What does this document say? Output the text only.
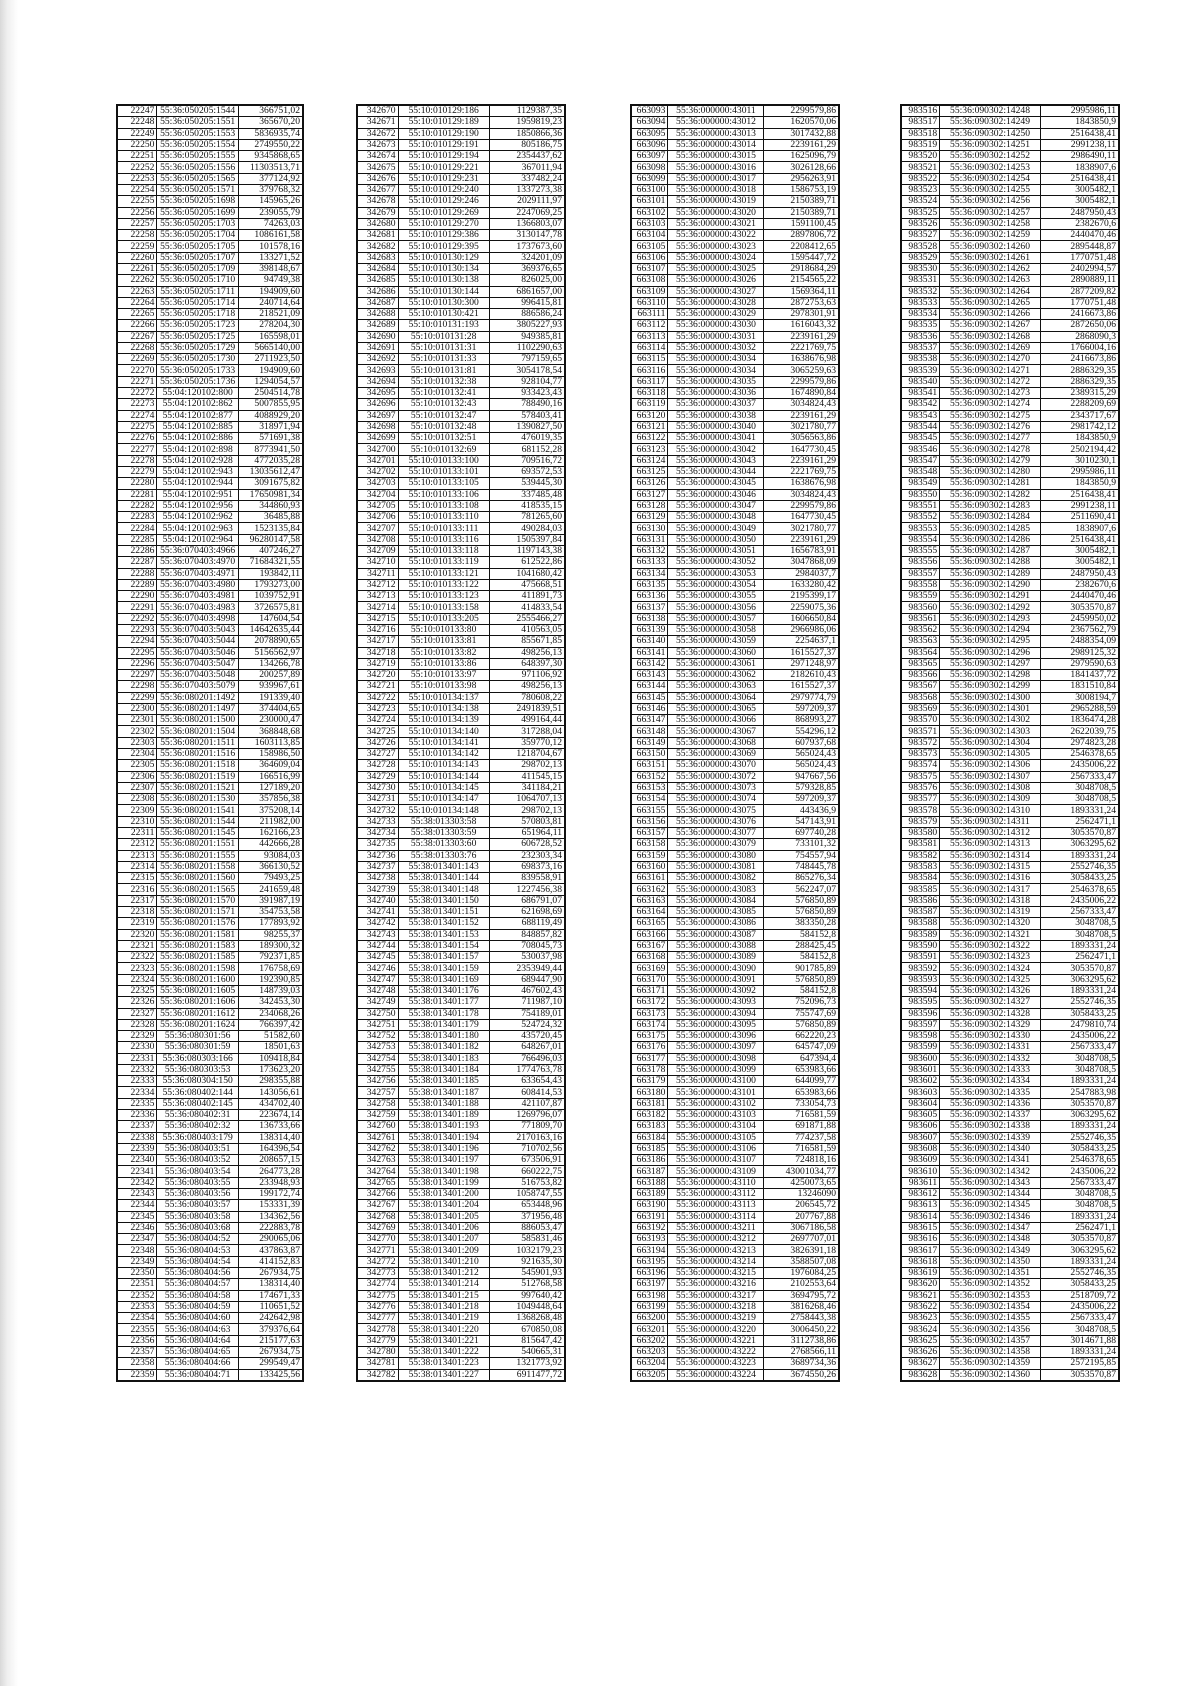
22247	55:36:050205:1544	366751,02
22248	55:36:050205:1551	365670,20
22249	55:36:050205:1553	5836935,74
22250	55:36:050205:1554	2749550,22
22251	55:36:050205:1555	9345868,65
22252	55:36:050205:1556	11303513,71
22253	55:36:050205:1565	377124,92
22254	55:36:050205:1571	379768,32
22255	55:36:050205:1698	145965,26
22256	55:36:050205:1699	239055,79
22257	55:36:050205:1703	74263,03
22258	55:36:050205:1704	1086161,58
22259	55:36:050205:1705	101578,16
22260	55:36:050205:1707	133271,52
22261	55:36:050205:1709	398148,67
22262	55:36:050205:1710	94749,38
22263	55:36:050205:1711	194909,60
22264	55:36:050205:1714	240714,64
22265	55:36:050205:1718	218521,09
22266	55:36:050205:1723	278204,30
22267	55:36:050205:1725	165598,01
22268	55:36:050205:1729	5665140,00
22269	55:36:050205:1730	2711923,50
22270	55:36:050205:1733	194909,60
22271	55:36:050205:1736	1294054,57
22272	55:04:120102:800	2504514,78
22273	55:04:120102:862	5007855,95
22274	55:04:120102:877	4088929,20
22275	55:04:120102:885	318971,94
22276	55:04:120102:886	571691,38
22277	55:04:120102:898	8773941,50
22278	55:04:120102:928	4772035,28
22279	55:04:120102:943	13035612,47
22280	55:04:120102:944	3091675,82
22281	55:04:120102:951	17650981,34
22282	55:04:120102:956	344860,93
22283	55:04:120102:962	36485,88
22284	55:04:120102:963	1523135,84
22285	55:04:120102:964	96280147,58
22286	55:36:070403:4966	407246,27
22287	55:36:070403:4970	71684321,55
22288	55:36:070403:4971	193842,11
22289	55:36:070403:4980	1793273,00
22290	55:36:070403:4981	1039752,91
22291	55:36:070403:4983	3726575,81
22292	55:36:070403:4998	147604,54
22293	55:36:070403:5043	14642635,44
22294	55:36:070403:5044	2078890,65
22295	55:36:070403:5046	5156562,97
22296	55:36:070403:5047	134266,78
22297	55:36:070403:5048	200257,89
22298	55:36:070403:5079	939967,61
22299	55:36:080201:1492	191339,40
22300	55:36:080201:1497	374404,65
22301	55:36:080201:1500	230000,47
22302	55:36:080201:1504	368848,68
22303	55:36:080201:1511	1603113,85
22304	55:36:080201:1516	158986,50
22305	55:36:080201:1518	364609,04
22306	55:36:080201:1519	166516,99
22307	55:36:080201:1521	127189,20
22308	55:36:080201:1530	357856,38
22309	55:36:080201:1541	375208,14
22310	55:36:080201:1544	211982,00
22311	55:36:080201:1545	162166,23
22312	55:36:080201:1551	442666,28
22313	55:36:080201:1555	93084,03
22314	55:36:080201:1558	366130,52
22315	55:36:080201:1560	79493,25
22316	55:36:080201:1565	241659,48
22317	55:36:080201:1570	391987,19
22318	55:36:080201:1571	354753,58
22319	55:36:080201:1576	177893,92
22320	55:36:080201:1581	98255,37
22321	55:36:080201:1583	189300,32
22322	55:36:080201:1585	792371,85
22323	55:36:080201:1598	176758,69
22324	55:36:080201:1600	192390,85
22325	55:36:080201:1605	148739,03
22326	55:36:080201:1606	342453,30
22327	55:36:080201:1612	234068,26
22328	55:36:080201:1624	766397,42
22329	55:36:080301:56	51582,60
22330	55:36:080301:59	18501,63
22331	55:36:080303:166	109418,84
22332	55:36:080303:53	173623,20
22333	55:36:080304:150	298355,88
22334	55:36:080402:144	143056,61
22335	55:36:080402:145	434702,40
22336	55:36:080402:31	223674,14
22337	55:36:080402:32	136733,66
22338	55:36:080403:179	138314,40
22339	55:36:080403:51	164396,54
22340	55:36:080403:52	208657,15
22341	55:36:080403:54	264773,28
22342	55:36:080403:55	233948,93
22343	55:36:080403:56	199172,74
22344	55:36:080403:57	153331,39
22345	55:36:080403:58	134362,56
22346	55:36:080403:68	222883,78
22347	55:36:080404:52	290065,06
22348	55:36:080404:53	437863,87
22349	55:36:080404:54	414152,83
22350	55:36:080404:56	267934,75
22351	55:36:080404:57	138314,40
22352	55:36:080404:58	174671,33
22353	55:36:080404:59	110651,52
22354	55:36:080404:60	242642,98
22355	55:36:080404:63	379376,64
22356	55:36:080404:64	215177,63
22357	55:36:080404:65	267934,75
22358	55:36:080404:66	299549,47
22359	55:36:080404:71	133425,56
342670	55:10:010129:186	1129387,35
342671	55:10:010129:189	1959819,23
342672	55:10:010129:190	1850866,36
342673	55:10:010129:191	805186,75
342674	55:10:010129:194	2354437,62
342675	55:10:010129:221	367011,94
342676	55:10:010129:231	337482,24
342677	55:10:010129:240	1337273,38
342678	55:10:010129:246	2029111,97
342679	55:10:010129:269	2247069,25
342680	55:10:010129:270	1366803,07
342681	55:10:010129:386	3130147,78
342682	55:10:010129:395	1737673,60
342683	55:10:010130:129	324201,09
342684	55:10:010130:134	369376,65
342685	55:10:010130:138	826025,00
342686	55:10:010130:144	6861657,00
342687	55:10:010130:300	996415,81
342688	55:10:010130:421	886586,24
342689	55:10:010131:193	3805227,93
342690	55:10:010131:28	949385,81
342691	55:10:010131:31	1102290,63
342692	55:10:010131:33	797159,65
342693	55:10:010131:81	3054178,54
342694	55:10:010132:38	928104,77
342695	55:10:010132:41	933423,43
342696	55:10:010132:43	788490,16
342697	55:10:010132:47	578403,41
342698	55:10:010132:48	1390827,50
342699	55:10:010132:51	476019,35
342700	55:10:010132:69	681152,28
342701	55:10:010133:100	709516,72
342702	55:10:010133:101	693572,53
342703	55:10:010133:105	539445,30
342704	55:10:010133:106	337485,48
342705	55:10:010133:108	418535,15
342706	55:10:010133:110	781265,60
342707	55:10:010133:111	490284,03
342708	55:10:010133:116	1505397,84
342709	55:10:010133:118	1197143,38
342710	55:10:010133:119	612522,86
342711	55:10:010133:121	1041680,42
342712	55:10:010133:122	475668,51
342713	55:10:010133:123	411891,73
342714	55:10:010133:158	414833,54
342715	55:10:010133:205	2555466,27
342716	55:10:010133:80	410563,05
342717	55:10:010133:81	855671,85
342718	55:10:010133:82	498256,13
342719	55:10:010133:86	648397,30
342720	55:10:010133:97	971106,92
342721	55:10:010133:98	498256,13
342722	55:10:010134:137	780608,22
342723	55:10:010134:138	2491839,51
342724	55:10:010134:139	499164,44
342725	55:10:010134:140	317288,04
342726	55:10:010134:141	359770,12
342727	55:10:010134:142	1218704,67
342728	55:10:010134:143	298702,13
342729	55:10:010134:144	411545,15
342730	55:10:010134:145	341184,21
342731	55:10:010134:147	1064707,13
342732	55:10:010134:148	298702,13
342733	55:38:013303:58	570803,81
342734	55:38:013303:59	651964,11
342735	55:38:013303:60	606728,52
342736	55:38:013303:76	232303,34
342737	55:38:013401:143	698373,16
342738	55:38:013401:144	839558,91
342739	55:38:013401:148	1227456,38
342740	55:38:013401:150	686791,07
342741	55:38:013401:151	621698,69
342742	55:38:013401:152	688119,49
342743	55:38:013401:153	848857,82
342744	55:38:013401:154	708045,73
342745	55:38:013401:157	530037,98
342746	55:38:013401:159	2353949,44
342747	55:38:013401:169	689447,90
342748	55:38:013401:176	467602,43
342749	55:38:013401:177	711987,10
342750	55:38:013401:178	754189,01
342751	55:38:013401:179	524724,32
342752	55:38:013401:180	435720,45
342753	55:38:013401:182	648267,01
342754	55:38:013401:183	766496,03
342755	55:38:013401:184	1774763,78
342756	55:38:013401:185	633654,43
342757	55:38:013401:187	608414,53
342758	55:38:013401:188	421107,87
342759	55:38:013401:189	1269796,07
342760	55:38:013401:193	771809,70
342761	55:38:013401:194	2170163,16
342762	55:38:013401:196	710702,56
342763	55:38:013401:197	673506,91
342764	55:38:013401:198	660222,75
342765	55:38:013401:199	516753,82
342766	55:38:013401:200	1058747,55
342767	55:38:013401:204	653448,96
342768	55:38:013401:205	371956,48
342769	55:38:013401:206	886053,47
342770	55:38:013401:207	585831,46
342771	55:38:013401:209	1032179,23
342772	55:38:013401:210	921635,30
342773	55:38:013401:212	545901,93
342774	55:38:013401:214	512768,58
342775	55:38:013401:215	997640,42
342776	55:38:013401:218	1049448,64
342777	55:38:013401:219	1368268,48
342778	55:38:013401:220	670850,08
342779	55:38:013401:221	815647,42
342780	55:38:013401:222	540665,31
342781	55:38:013401:223	1321773,92
342782	55:38:013401:227	6911477,72
663093	55:36:000000:43011	2299579,86
663094	55:36:000000:43012	1620570,06
663095	55:36:000000:43013	3017432,88
663096	55:36:000000:43014	2239161,29
663097	55:36:000000:43015	1625096,79
663098	55:36:000000:43016	3026128,66
663099	55:36:000000:43017	2956263,91
663100	55:36:000000:43018	1586753,19
663101	55:36:000000:43019	2150389,71
663102	55:36:000000:43020	2150389,71
663103	55:36:000000:43021	1591100,45
663104	55:36:000000:43022	2897806,72
663105	55:36:000000:43023	2208412,65
663106	55:36:000000:43024	1595447,72
663107	55:36:000000:43025	2918684,29
663108	55:36:000000:43026	2154565,22
663109	55:36:000000:43027	1569364,11
663110	55:36:000000:43028	2872753,63
663111	55:36:000000:43029	2978301,91
663112	55:36:000000:43030	1616043,32
663113	55:36:000000:43031	2239161,29
663114	55:36:000000:43032	2221769,75
663115	55:36:000000:43034	1638676,98
663116	55:36:000000:43034	3065259,63
663117	55:36:000000:43035	2299579,86
663118	55:36:000000:43036	1674890,84
663119	55:36:000000:43037	3034824,43
663120	55:36:000000:43038	2239161,29
663121	55:36:000000:43040	3021780,77
663122	55:36:000000:43041	3056563,86
663123	55:36:000000:43042	1647730,45
663124	55:36:000000:43043	2239161,29
663125	55:36:000000:43044	2221769,75
663126	55:36:000000:43045	1638676,98
663127	55:36:000000:43046	3034824,43
663128	55:36:000000:43047	2299579,86
663129	55:36:000000:43048	1647730,45
663130	55:36:000000:43049	3021780,77
663131	55:36:000000:43050	2239161,29
663132	55:36:000000:43051	1656783,91
663133	55:36:000000:43052	3047868,09
663134	55:36:000000:43053	2984037,7
663135	55:36:000000:43054	1633280,42
663136	55:36:000000:43055	2195399,17
663137	55:36:000000:43056	2259075,36
663138	55:36:000000:43057	1606650,84
663139	55:36:000000:43058	2966986,06
663140	55:36:000000:43059	2254637,1
663141	55:36:000000:43060	1615527,37
663142	55:36:000000:43061	2971248,97
663143	55:36:000000:43062	2182610,43
663144	55:36:000000:43063	1615527,37
663145	55:36:000000:43064	2979774,79
663146	55:36:000000:43065	597209,37
663147	55:36:000000:43066	868993,27
663148	55:36:000000:43067	554296,12
663149	55:36:000000:43068	607937,68
663150	55:36:000000:43069	565024,43
663151	55:36:000000:43070	565024,43
663152	55:36:000000:43072	947667,56
663153	55:36:000000:43073	579328,85
663154	55:36:000000:43074	597209,37
663155	55:36:000000:43075	443436,9
663156	55:36:000000:43076	547143,91
663157	55:36:000000:43077	697740,28
663158	55:36:000000:43079	733101,32
663159	55:36:000000:43080	754557,94
663160	55:36:000000:43081	748445,78
663161	55:36:000000:43082	865276,34
663162	55:36:000000:43083	562247,07
663163	55:36:000000:43084	576850,89
663164	55:36:000000:43085	576850,89
663165	55:36:000000:43086	383350,28
663166	55:36:000000:43087	584152,8
663167	55:36:000000:43088	288425,45
663168	55:36:000000:43089	584152,8
663169	55:36:000000:43090	901785,89
663170	55:36:000000:43091	576850,89
663171	55:36:000000:43092	584152,8
663172	55:36:000000:43093	752096,73
663173	55:36:000000:43094	755747,69
663174	55:36:000000:43095	576850,89
663175	55:36:000000:43096	662220,23
663176	55:36:000000:43097	645747,09
663177	55:36:000000:43098	647394,4
663178	55:36:000000:43099	653983,66
663179	55:36:000000:43100	644099,77
663180	55:36:000000:43101	653983,66
663181	55:36:000000:43102	733054,73
663182	55:36:000000:43103	716581,59
663183	55:36:000000:43104	691871,88
663184	55:36:000000:43105	774237,58
663185	55:36:000000:43106	716581,59
663186	55:36:000000:43107	724818,16
663187	55:36:000000:43109	43001034,77
663188	55:36:000000:43110	4250073,65
663189	55:36:000000:43112	13246090
663190	55:36:000000:43113	206545,72
663191	55:36:000000:43114	207767,88
663192	55:36:000000:43211	3067186,58
663193	55:36:000000:43212	2697707,01
663194	55:36:000000:43213	3826391,18
663195	55:36:000000:43214	3588507,08
663196	55:36:000000:43215	1976084,25
663197	55:36:000000:43216	2102553,64
663198	55:36:000000:43217	3694795,72
663199	55:36:000000:43218	3816268,46
663200	55:36:000000:43219	2758443,38
663201	55:36:000000:43220	3006450,22
663202	55:36:000000:43221	3112738,86
663203	55:36:000000:43222	2768566,11
663204	55:36:000000:43223	3689734,36
663205	55:36:000000:43224	3674550,26
983516	55:36:090302:14248	2995986,11
983517	55:36:090302:14249	1843850,9
983518	55:36:090302:14250	2516438,41
983519	55:36:090302:14251	2991238,11
983520	55:36:090302:14252	2986490,11
983521	55:36:090302:14253	1838907,6
983522	55:36:090302:14254	2516438,41
983523	55:36:090302:14255	3005482,1
983524	55:36:090302:14256	3005482,1
983525	55:36:090302:14257	2487950,43
983526	55:36:090302:14258	2382670,6
983527	55:36:090302:14259	2440470,46
983528	55:36:090302:14260	2895448,87
983529	55:36:090302:14261	1770751,48
983530	55:36:090302:14262	2402994,57
983531	55:36:090302:14263	2890889,11
983532	55:36:090302:14264	2877209,82
983533	55:36:090302:14265	1770751,48
983534	55:36:090302:14266	2416673,86
983535	55:36:090302:14267	2872650,06
983536	55:36:090302:14268	2868090,3
983537	55:36:090302:14269	1766004,16
983538	55:36:090302:14270	2416673,86
983539	55:36:090302:14271	2886329,35
983540	55:36:090302:14272	2886329,35
983541	55:36:090302:14273	2389315,29
983542	55:36:090302:14274	2288209,69
983543	55:36:090302:14275	2343717,67
983544	55:36:090302:14276	2981742,12
983545	55:36:090302:14277	1843850,9
983546	55:36:090302:14278	2502194,42
983547	55:36:090302:14279	3010230,1
983548	55:36:090302:14280	2995986,11
983549	55:36:090302:14281	1843850,9
983550	55:36:090302:14282	2516438,41
983551	55:36:090302:14283	2991238,11
983552	55:36:090302:14284	2511690,41
983553	55:36:090302:14285	1838907,6
983554	55:36:090302:14286	2516438,41
983555	55:36:090302:14287	3005482,1
983556	55:36:090302:14288	3005482,1
983557	55:36:090302:14289	2487950,43
983558	55:36:090302:14290	2382670,6
983559	55:36:090302:14291	2440470,46
983560	55:36:090302:14292	3053570,87
983561	55:36:090302:14293	2459950,02
983562	55:36:090302:14294	2367562,79
983563	55:36:090302:14295	2488354,09
983564	55:36:090302:14296	2989125,32
983565	55:36:090302:14297	2979590,63
983566	55:36:090302:14298	1841437,72
983567	55:36:090302:14299	1831510,84
983568	55:36:090302:14300	3008194,7
983569	55:36:090302:14301	2965288,59
983570	55:36:090302:14302	1836474,28
983571	55:36:090302:14303	2622039,75
983572	55:36:090302:14304	2974823,28
983573	55:36:090302:14305	2546378,65
983574	55:36:090302:14306	2435006,22
983575	55:36:090302:14307	2567333,47
983576	55:36:090302:14308	3048708,5
983577	55:36:090302:14309	3048708,5
983578	55:36:090302:14310	1893331,24
983579	55:36:090302:14311	2562471,1
983580	55:36:090302:14312	3053570,87
983581	55:36:090302:14313	3063295,62
983582	55:36:090302:14314	1893331,24
983583	55:36:090302:14315	2552746,35
983584	55:36:090302:14316	3058433,25
983585	55:36:090302:14317	2546378,65
983586	55:36:090302:14318	2435006,22
983587	55:36:090302:14319	2567333,47
983588	55:36:090302:14320	3048708,5
983589	55:36:090302:14321	3048708,5
983590	55:36:090302:14322	1893331,24
983591	55:36:090302:14323	2562471,1
983592	55:36:090302:14324	3053570,87
983593	55:36:090302:14325	3063295,62
983594	55:36:090302:14326	1893331,24
983595	55:36:090302:14327	2552746,35
983596	55:36:090302:14328	3058433,25
983597	55:36:090302:14329	2479810,74
983598	55:36:090302:14330	2435006,22
983599	55:36:090302:14331	2567333,47
983600	55:36:090302:14332	3048708,5
983601	55:36:090302:14333	3048708,5
983602	55:36:090302:14334	1893331,24
983603	55:36:090302:14335	2547883,98
983604	55:36:090302:14336	3053570,87
983605	55:36:090302:14337	3063295,62
983606	55:36:090302:14338	1893331,24
983607	55:36:090302:14339	2552746,35
983608	55:36:090302:14340	3058433,25
983609	55:36:090302:14341	2546378,65
983610	55:36:090302:14342	2435006,22
983611	55:36:090302:14343	2567333,47
983612	55:36:090302:14344	3048708,5
983613	55:36:090302:14345	3048708,5
983614	55:36:090302:14346	1893331,24
983615	55:36:090302:14347	2562471,1
983616	55:36:090302:14348	3053570,87
983617	55:36:090302:14349	3063295,62
983618	55:36:090302:14350	1893331,24
983619	55:36:090302:14351	2552746,35
983620	55:36:090302:14352	3058433,25
983621	55:36:090302:14353	2518709,72
983622	55:36:090302:14354	2435006,22
983623	55:36:090302:14355	2567333,47
983624	55:36:090302:14356	3048708,5
983625	55:36:090302:14357	3014671,88
983626	55:36:090302:14358	1893331,24
983627	55:36:090302:14359	2572195,85
983628	55:36:090302:14360	3053570,87
